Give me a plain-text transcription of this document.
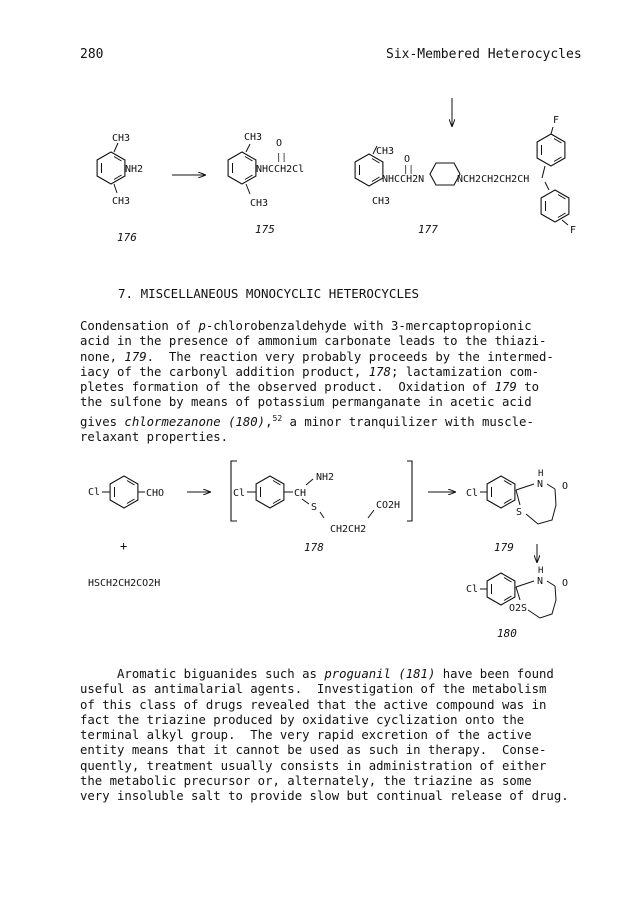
280	Six-Membered Heterocycles
CH3
NH2
CH3
176
CH3
O
||
NHCCH2Cl
CH3
175
CH3
O
||
NHCCH2N	NCH2CH2CH2CH
CH3
F
F
177
Cl	CHO
+
HSCH2CH2CO2H
Cl	CH
NH2
S
CH2CH2
CO2H
178
Cl
H
N O
S
179
Cl
H
N O
O2S
180
7. MISCELLANEOUS MONOCYCLIC HETEROCYCLES
Condensation of p-chlorobenzaldehyde with 3-mercaptopropionic
acid in the presence of ammonium carbonate leads to the thiazi-
none, 179.  The reaction very probably proceeds by the intermed-
iacy of the carbonyl addition product, 178; lactamization com-
pletes formation of the observed product.  Oxidation of 179 to
the sulfone by means of potassium permanganate in acetic acid
gives chlormezanone (180),$^{52}$ a minor tranquilizer with muscle-
relaxant properties.
Aromatic biguanides such as proguanil (181) have been found
useful as antimalarial agents.  Investigation of the metabolism
of this class of drugs revealed that the active compound was in
fact the triazine produced by oxidative cyclization onto the
terminal alkyl group.  The very rapid excretion of the active
entity means that it cannot be used as such in therapy.  Conse-
quently, treatment usually consists in administration of either
the metabolic precursor or, alternately, the triazine as some
very insoluble salt to provide slow but continual release of drug.
